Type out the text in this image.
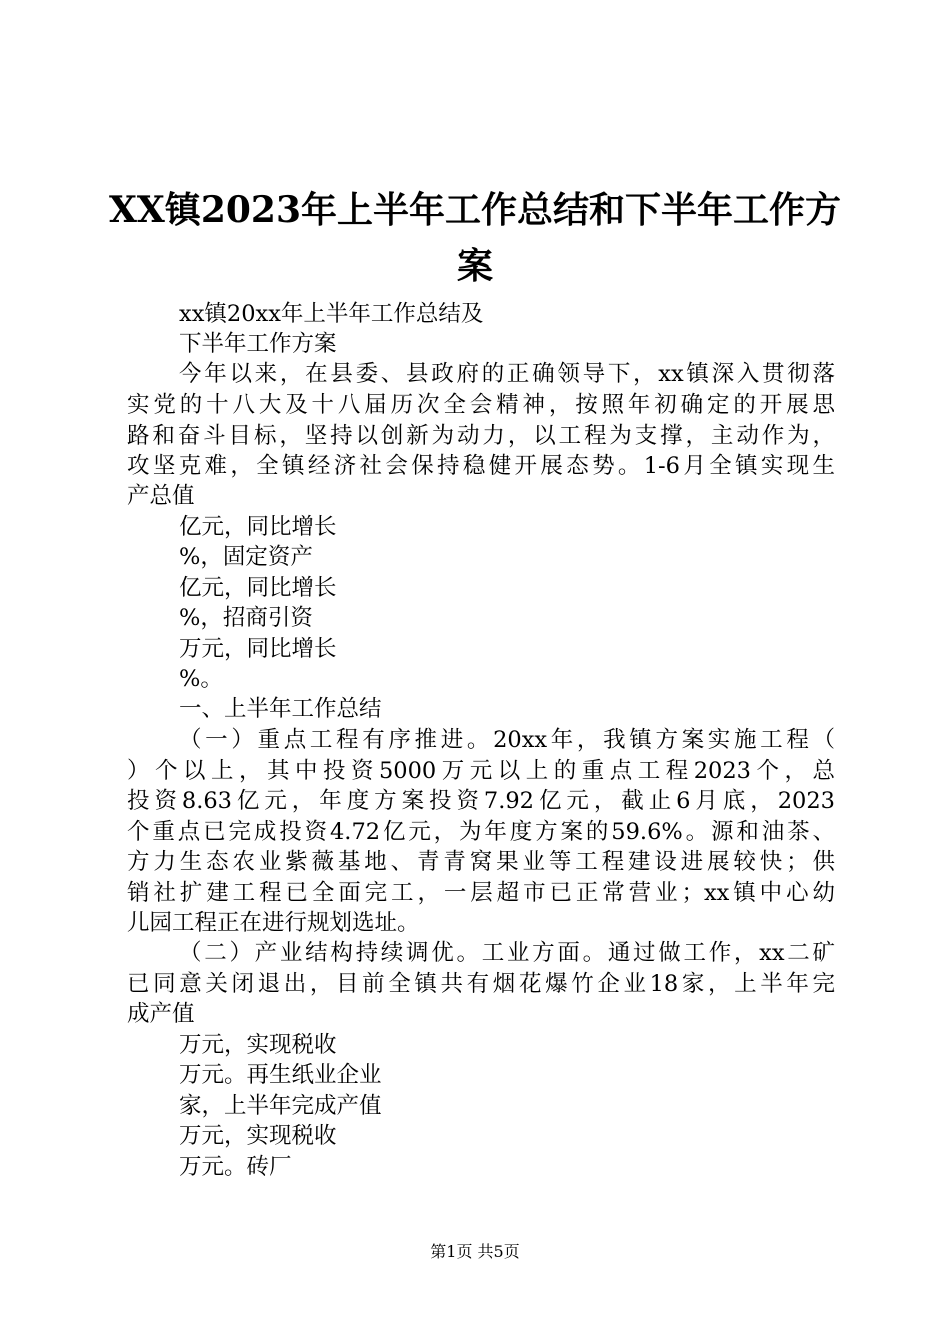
XX镇2023年上半年工作总结和下半年工作方
案
xx镇20xx年上半年工作总结及
下半年工作方案
今年以来，在县委、县政府的正确领导下，xx镇深入贯彻落
实党的十八大及十八届历次全会精神，按照年初确定的开展思
路和奋斗目标，坚持以创新为动力，以工程为支撑，主动作为，
攻坚克难，全镇经济社会保持稳健开展态势。1-6月全镇实现生
产总值
亿元，同比增长
%，固定资产
亿元，同比增长
%，招商引资
万元，同比增长
%。
一、上半年工作总结
（一）重点工程有序推进。20xx年，我镇方案实施工程（
）个以上，其中投资5000万元以上的重点工程2023个，总
投资8.63亿元，年度方案投资7.92亿元，截止6月底，2023
个重点已完成投资4.72亿元，为年度方案的59.6%。源和油茶、
方力生态农业紫薇基地、青青窝果业等工程建设进展较快；供
销社扩建工程已全面完工，一层超市已正常营业；xx镇中心幼
儿园工程正在进行规划选址。
（二）产业结构持续调优。工业方面。通过做工作，xx二矿
已同意关闭退出，目前全镇共有烟花爆竹企业18家，上半年完
成产值
万元，实现税收
万元。再生纸业企业
家，上半年完成产值
万元，实现税收
万元。砖厂
第1页 共5页
